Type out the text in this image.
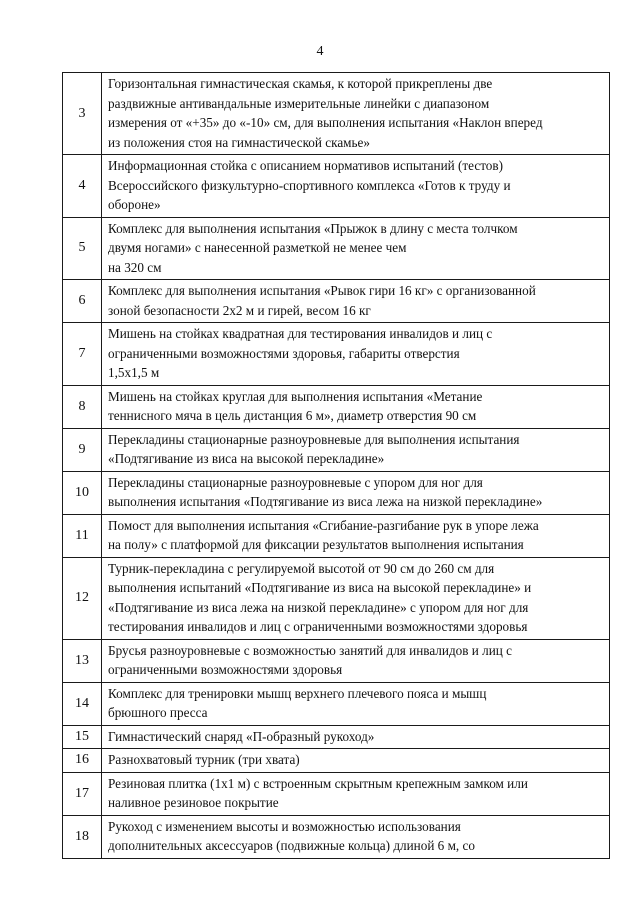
4
3	Горизонтальная гимнастическая скамья, к которой прикреплены две
раздвижные антивандальные измерительные линейки с диапазоном
измерения от «+35» до «-10» см, для выполнения испытания «Наклон вперед
из положения стоя на гимнастической скамье»

4	Информационная стойка с описанием нормативов испытаний (тестов)
Всероссийского физкультурно-спортивного комплекса «Готов к труду и
обороне»

5	Комплекс для выполнения испытания «Прыжок в длину с места толчком
двумя ногами» с нанесенной разметкой не менее чем
на 320 см

6	Комплекс для выполнения испытания «Рывок гири 16 кг» с организованной
зоной безопасности 2x2 м и гирей, весом 16 кг

7	Мишень на стойках квадратная для тестирования инвалидов и лиц с
ограниченными возможностями здоровья, габариты отверстия
1,5х1,5 м

8	Мишень на стойках круглая для выполнения испытания «Метание
теннисного мяча в цель дистанция 6 м», диаметр отверстия 90 см

9	Перекладины стационарные разноуровневые для выполнения испытания
«Подтягивание из виса на высокой перекладине»

10	Перекладины стационарные разноуровневые с упором для ног для
выполнения испытания «Подтягивание из виса лежа на низкой перекладине»

11	Помост для выполнения испытания «Сгибание-разгибание рук в упоре лежа
на полу» с платформой для фиксации результатов выполнения испытания

12	Турник-перекладина с регулируемой высотой от 90 см до 260 см для
выполнения испытаний «Подтягивание из виса на высокой перекладине» и
«Подтягивание из виса лежа на низкой перекладине» с упором для ног для
тестирования инвалидов и лиц с ограниченными возможностями здоровья

13	Брусья разноуровневые с возможностью занятий для инвалидов и лиц с
ограниченными возможностями здоровья

14	Комплекс для тренировки мышц верхнего плечевого пояса и мышц
брюшного пресса

15	Гимнастический снаряд «П-образный рукоход»

16	Разнохватовый турник (три хвата)

17	Резиновая плитка (1x1 м) с встроенным скрытным крепежным замком или
наливное резиновое покрытие

18	Рукоход с изменением высоты и возможностью использования
дополнительных аксессуаров (подвижные кольца) длиной 6 м, со
